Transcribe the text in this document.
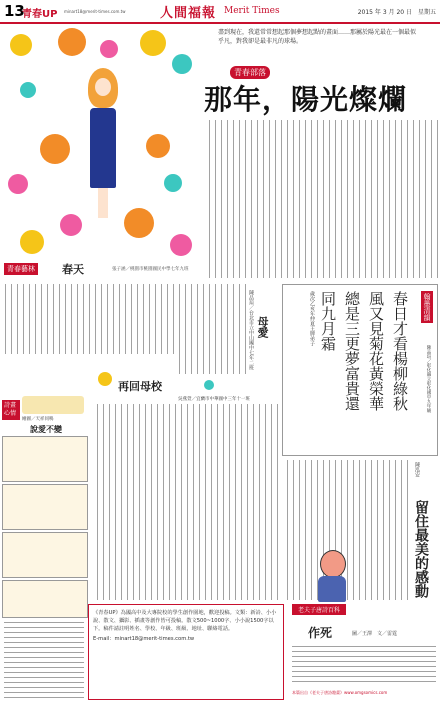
13
青春UP minart18@merit-times.com.tw	人間福報 Merit Times	2015 年 3 月 20 日　星期五
青春藝林 春天	張子涵／桃園市桃園國民中學七年九班
盡到現在，我還常常想起那個夢想起點的畫面……那屬於陽光最在一個最似乎凡，對我卻是最非凡的球場。
青春部落
那年，陽光燦爛
陳品瑄／台北市立中山國中七年二班 母愛
翰墨清韻
陳品瑄／彰化縣立彰化國中九年級
春日才看楊柳綠秋
風又見菊花黃榮華
總是三更夢富貴還
同九月霜
歲次乙亥年仲夏王牌弟子
再回母校
吳燕萱／宜蘭市中華國中三年十一班
詩畫心情
繪圖／天祥同鳴
說愛不變
留住最美的感動
陳泓安
老夫子唐詩百科
作死	圖／王澤　文／雷霆
本篇出自《老夫子唐詩趣畫》www.omgsomics.com
《青春UP》為國高中及大專院校的學生創作園地，歡迎投稿。文類：新詩、小小說、散文、攝影、插畫等創作皆可投稿。散文500~1000字、小小說1500字以下。稿件請註明姓名、學校、年級、班級、地址、聯絡電話。
E-mail：minart18@merit-times.com.tw
